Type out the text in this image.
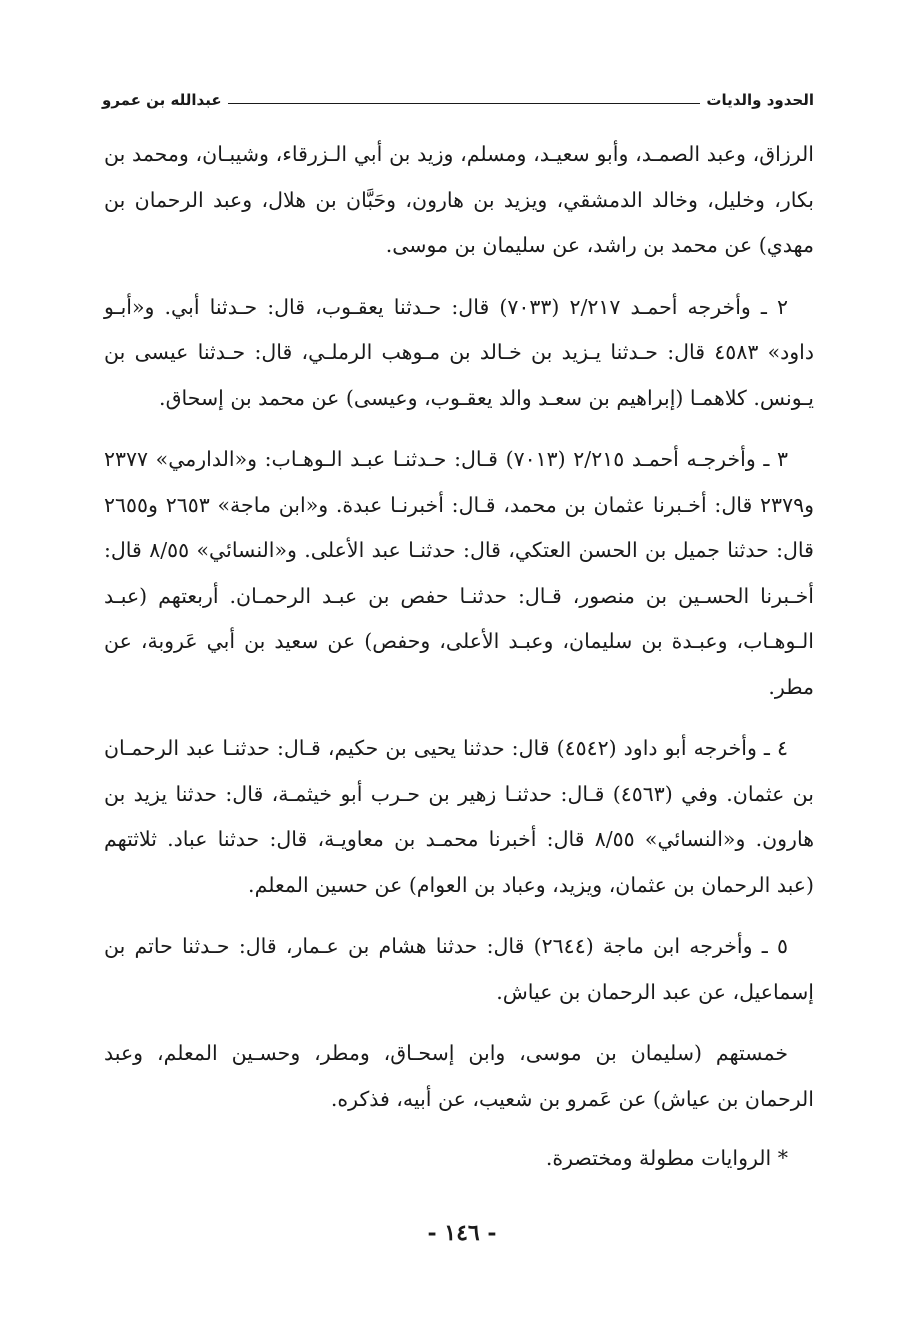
الحدود والديات
عبدالله بن عمرو

الرزاق، وعبد الصمـد، وأبو سعيـد، ومسلم، وزيد بن أبي الـزرقاء، وشيبـان، ومحمد بن بكار، وخليل، وخالد الدمشقي، ويزيد بن هارون، وحَبَّان بن هلال، وعبد الرحمان بن مهدي) عن محمد بن راشد، عن سليمان بن موسى.

٢ ـ وأخرجه أحمـد ٢/٢١٧ (٧٠٣٣) قال: حـدثنا يعقـوب، قال: حـدثنا أبي. و«أبـو داود» ٤٥٨٣ قال: حـدثنا يـزيد بن خـالد بن مـوهب الرملـي، قال: حـدثنا عيسى بن يـونس. كلاهمـا (إبراهيم بن سعـد والد يعقـوب، وعيسى) عن محمد بن إسحاق.

٣ ـ وأخرجـه أحمـد ٢/٢١٥ (٧٠١٣) قـال: حـدثنـا عبـد الـوهـاب: و«الدارمي» ٢٣٧٧ و٢٣٧٩ قال: أخـبرنا عثمان بن محمد، قـال: أخبرنـا عبدة. و«ابن ماجة» ٢٦٥٣ و٢٦٥٥ قال: حدثنا جميل بن الحسن العتكي، قال: حدثنـا عبد الأعلى. و«النسائي» ٨/٥٥ قال: أخـبرنا الحسـين بن منصور، قـال: حدثنـا حفص بن عبـد الرحمـان. أربعتهم (عبـد الـوهـاب، وعبـدة بن سليمان، وعبـد الأعلى، وحفص) عن سعيد بن أبي عَروبة، عن مطر.

٤ ـ وأخرجه أبو داود (٤٥٤٢) قال: حدثنا يحيى بن حكيم، قـال: حدثنـا عبد الرحمـان بن عثمان. وفي (٤٥٦٣) قـال: حدثنـا زهير بن حـرب أبو خيثمـة، قال: حدثنا يزيد بن هارون. و«النسائي» ٨/٥٥ قال: أخبرنا محمـد بن معاويـة، قال: حدثنا عباد. ثلاثتهم (عبد الرحمان بن عثمان، ويزيد، وعباد بن العوام) عن حسين المعلم.

٥ ـ وأخرجه ابن ماجة (٢٦٤٤) قال: حدثنا هشام بن عـمار، قال: حـدثنا حاتم بن إسماعيل، عن عبد الرحمان بن عياش.

خمستهم (سليمان بن موسى، وابن إسحـاق، ومطر، وحسـين المعلم، وعبد الرحمان بن عياش) عن عَمرو بن شعيب، عن أبيه، فذكره.

* الروايات مطولة ومختصرة.

- ١٤٦ -
